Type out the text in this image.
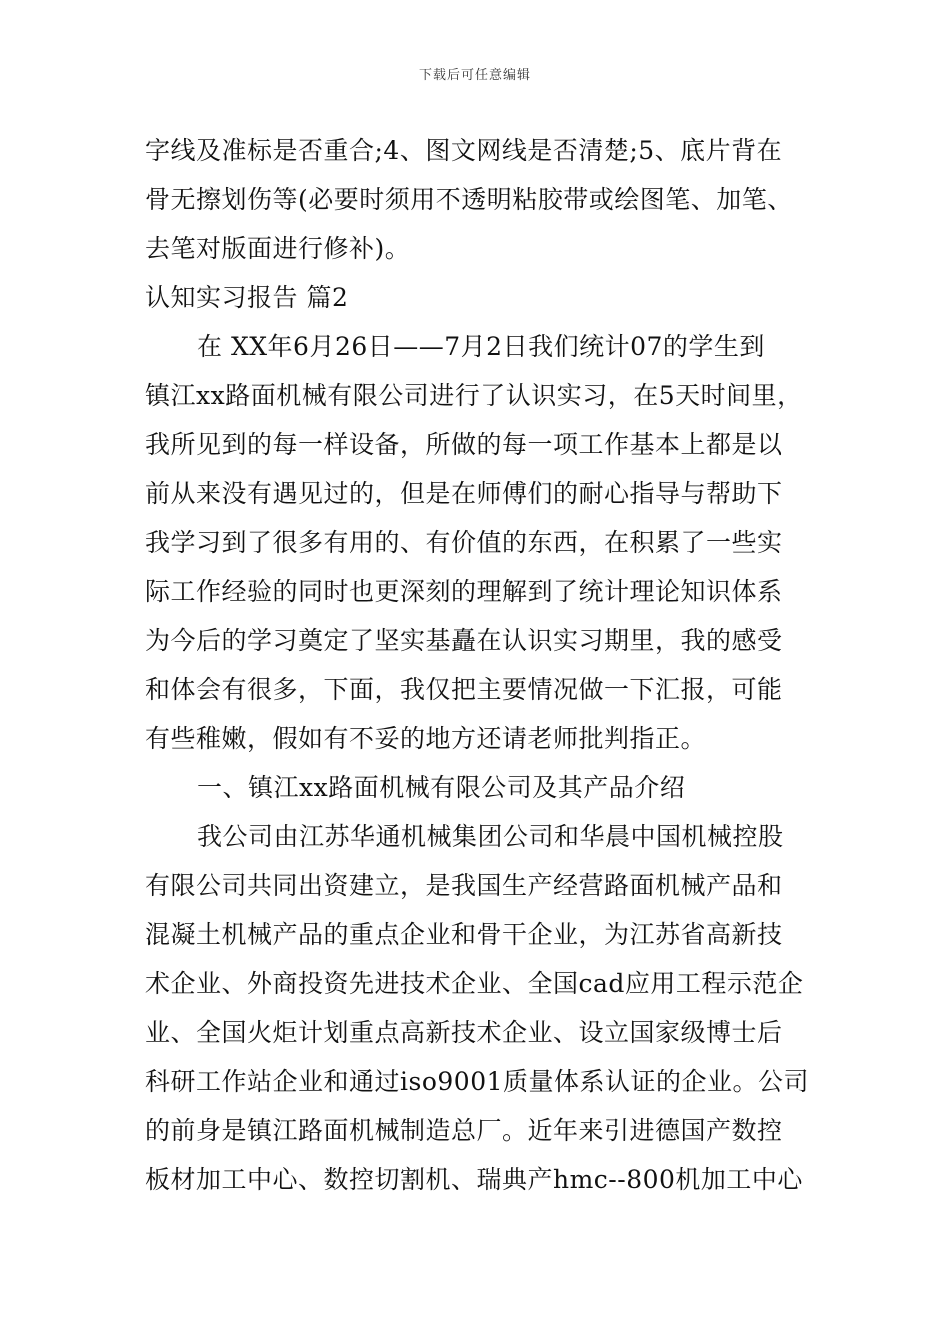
下载后可任意编辑
字线及准标是否重合;4、图文网线是否清楚;5、底片背在
骨无擦划伤等(必要时须用不透明粘胶带或绘图笔、加笔、
去笔对版面进行修补)。
认知实习报告 篇2
在 XX年6月26日——7月2日我们统计07的学生到
镇江xx路面机械有限公司进行了认识实习，在5天时间里，
我所见到的每一样设备，所做的每一项工作基本上都是以
前从来没有遇见过的，但是在师傅们的耐心指导与帮助下
我学习到了很多有用的、有价值的东西，在积累了一些实
际工作经验的同时也更深刻的理解到了统计理论知识体系
为今后的学习奠定了坚实基矗在认识实习期里，我的感受
和体会有很多，下面，我仅把主要情况做一下汇报，可能
有些稚嫩，假如有不妥的地方还请老师批判指正。
一、镇江xx路面机械有限公司及其产品介绍
我公司由江苏华通机械集团公司和华晨中国机械控股
有限公司共同出资建立，是我国生产经营路面机械产品和
混凝土机械产品的重点企业和骨干企业，为江苏省高新技
术企业、外商投资先进技术企业、全国cad应用工程示范企
业、全国火炬计划重点高新技术企业、设立国家级博士后
科研工作站企业和通过iso9001质量体系认证的企业。公司
的前身是镇江路面机械制造总厂。近年来引进德国产数控
板材加工中心、数控切割机、瑞典产hmc--800机加工中心
